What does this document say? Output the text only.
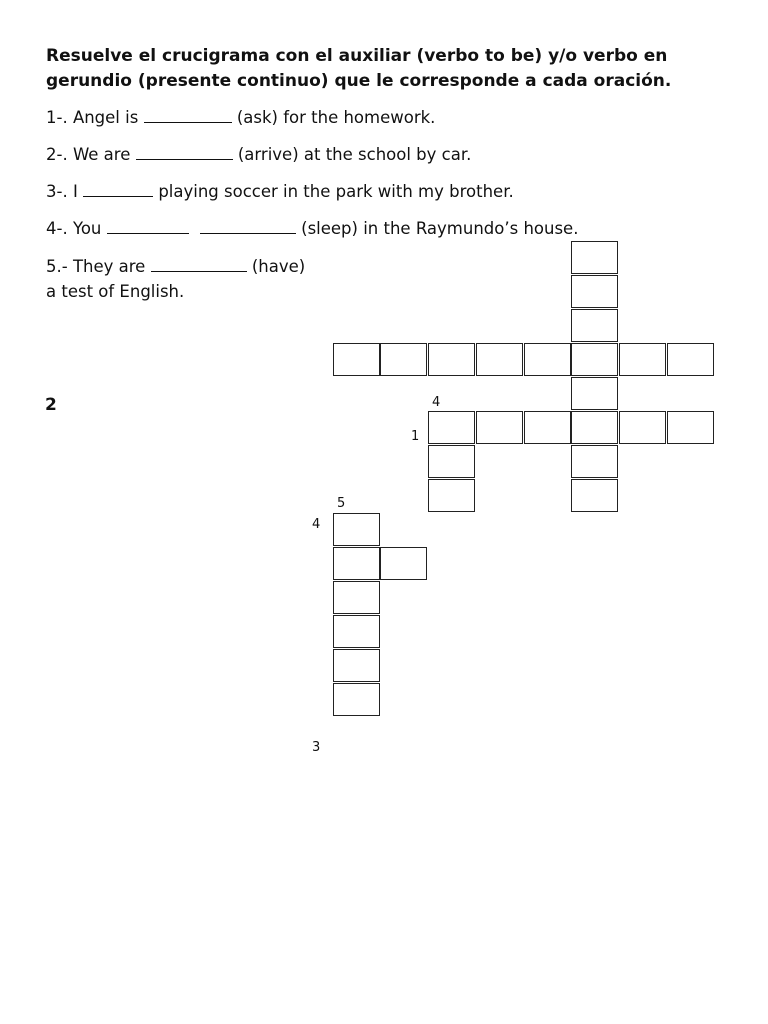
Resuelve el crucigrama con el auxiliar (verbo to be) y/o verbo en gerundio (presente continuo) que le corresponde a cada oración.
1-. Angel is	(ask) for the homework.
2-. We are	(arrive) at the school by car.
3-. I	playing soccer in the park with my brother.
4-. You	(sleep) in the Raymundo’s house.
5.- They are	(have)
a test of English.
2	4
1
5
4
3
